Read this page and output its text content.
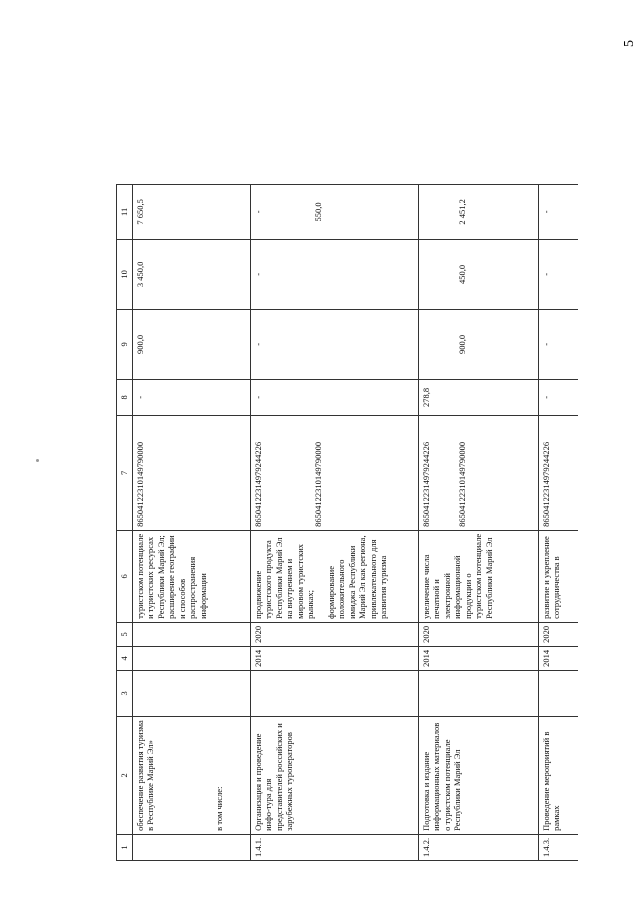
5
1	2	3	4	5	6	7	8	9	10	11
	обеспечение развития туризма в Республике Марий Эл» в том числе:				туристском потенциале и туристских ресурсах Республики Марий Эл; расширение географии и способов распространения информации	86504122310149790000	-	900,0	3 450,0	7 650,5
1.4.1.	Организация и проведение инфо-тура для представителей российских и зарубежных туроператоров		2014	2020	продвижение туристского продукта Республики Марий Эл на внутреннем и мировом туристских рынках; формирование положительного имиджа Республики Марий Эл как региона, привлекательного для развития туризма	86504122314979244226 86504122310149790000	-	-	-	- 550,0

1.4.2.	Подготовка и издание информационных материалов о туристском потенциале Республики Марий Эл		2014	2020	увеличение числа печатной и электронной информационной продукции о туристском потенциале Республики Марий Эл	86504122314979244226 86504122310149790000	278,8	900,0	450,0	2 451,2

1.4.3.	Проведение мероприятий в рамках		2014	2020	развитие и укрепление сотрудничества в	86504122314979244226	-	-	-	-
